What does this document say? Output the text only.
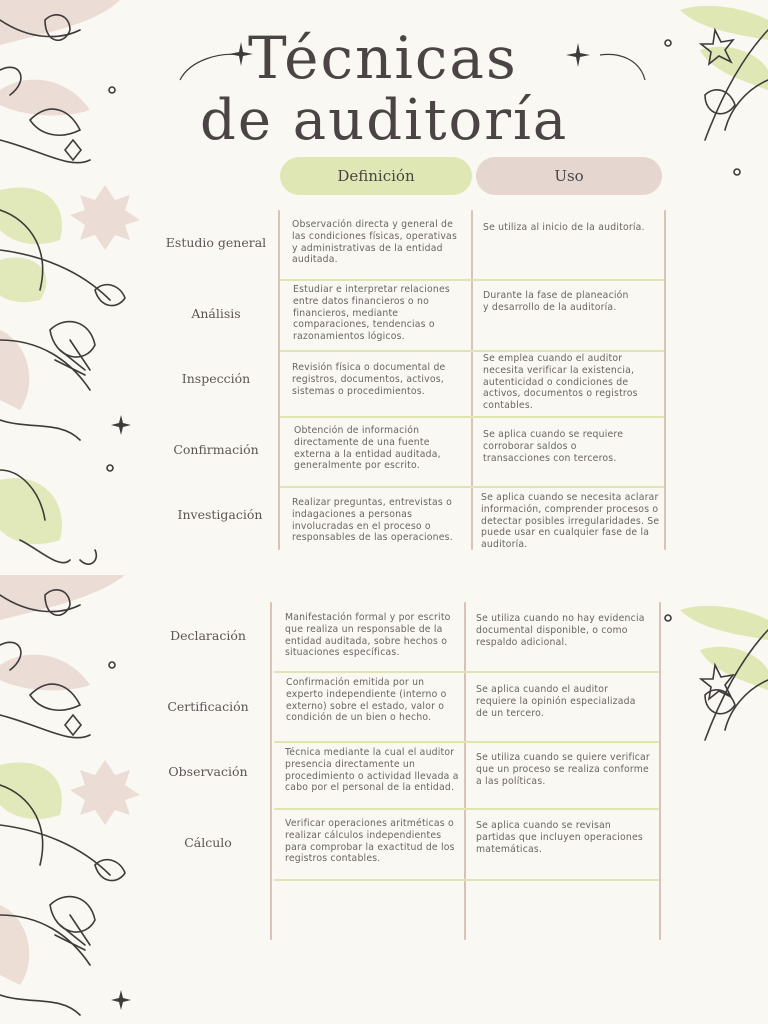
Técnicas
de auditoría
Definición	Uso
Estudio general
Observación directa y general de las condiciones físicas, operativas y administrativas de la entidad auditada.
Se utiliza al inicio de la auditoría.
Análisis
Estudiar e interpretar relaciones entre datos financieros o no financieros, mediante comparaciones, tendencias o razonamientos lógicos.
Durante la fase de planeación y desarrollo de la auditoría.
Inspección
Revisión física o documental de registros, documentos, activos, sistemas o procedimientos.
Se emplea cuando el auditor necesita verificar la existencia, autenticidad o condiciones de activos, documentos o registros contables.
Confirmación
Obtención de información directamente de una fuente externa a la entidad auditada, generalmente por escrito.
Se aplica cuando se requiere corroborar saldos o transacciones con terceros.
Investigación
Realizar preguntas, entrevistas o indagaciones a personas involucradas en el proceso o responsables de las operaciones.
Se aplica cuando se necesita aclarar información, comprender procesos o detectar posibles irregularidades. Se puede usar en cualquier fase de la auditoría.
Declaración
Manifestación formal y por escrito que realiza un responsable de la entidad auditada, sobre hechos o situaciones específicas.
Se utiliza cuando no hay evidencia documental disponible, o como respaldo adicional.
Certificación
Confirmación emitida por un experto independiente (interno o externo) sobre el estado, valor o condición de un bien o hecho.
Se aplica cuando el auditor requiere la opinión especializada de un tercero.
Observación
Técnica mediante la cual el auditor presencia directamente un procedimiento o actividad llevada a cabo por el personal de la entidad.
Se utiliza cuando se quiere verificar que un proceso se realiza conforme a las políticas.
Cálculo
Verificar operaciones aritméticas o realizar cálculos independientes para comprobar la exactitud de los registros contables.
Se aplica cuando se revisan partidas que incluyen operaciones matemáticas.
